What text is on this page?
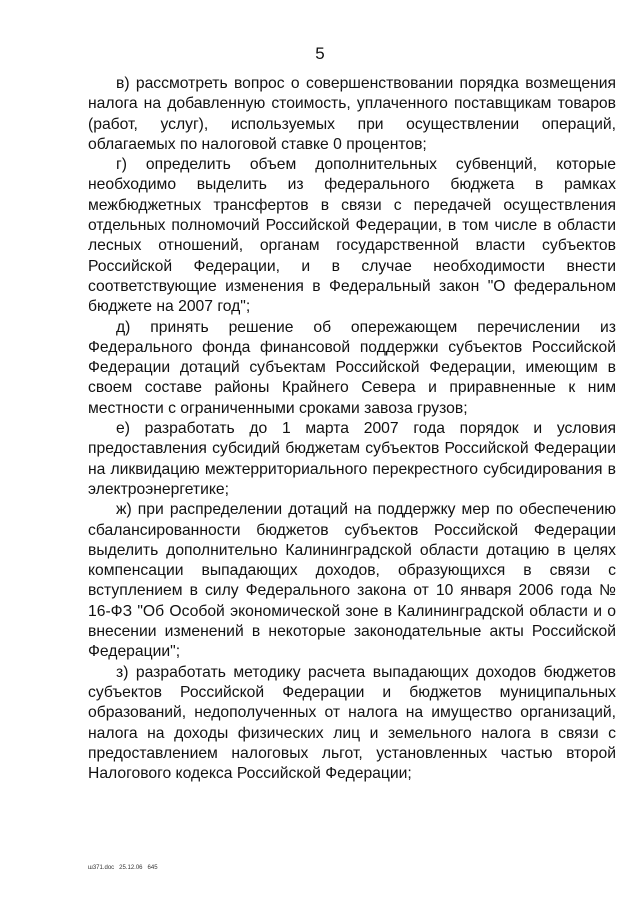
5

в) рассмотреть вопрос о совершенствовании порядка возмещения налога на добавленную стоимость, уплаченного поставщикам товаров (работ, услуг), используемых при осуществлении операций, облагаемых по налоговой ставке 0 процентов;

г) определить объем дополнительных субвенций, которые необходимо выделить из федерального бюджета в рамках межбюджетных трансфертов в связи с передачей осуществления отдельных полномочий Российской Федерации, в том числе в области лесных отношений, органам государственной власти субъектов Российской Федерации, и в случае необходимости внести соответствующие изменения в Федеральный закон "О федеральном бюджете на 2007 год";

д) принять решение об опережающем перечислении из Федерального фонда финансовой поддержки субъектов Российской Федерации дотаций субъектам Российской Федерации, имеющим в своем составе районы Крайнего Севера и приравненные к ним местности с ограниченными сроками завоза грузов;

е) разработать до 1 марта 2007 года порядок и условия предоставления субсидий бюджетам субъектов Российской Федерации на ликвидацию межтерриториального перекрестного субсидирования в электроэнергетике;

ж) при распределении дотаций на поддержку мер по обеспечению сбалансированности бюджетов субъектов Российской Федерации выделить дополнительно Калининградской области дотацию в целях компенсации выпадающих доходов, образующихся в связи с вступлением в силу Федерального закона от 10 января 2006 года № 16-ФЗ "Об Особой экономической зоне в Калининградской области и о внесении изменений в некоторые законодательные акты Российской Федерации";

з) разработать методику расчета выпадающих доходов бюджетов субъектов Российской Федерации и бюджетов муниципальных образований, недополученных от налога на имущество организаций, налога на доходы физических лиц и земельного налога в связи с предоставлением налоговых льгот, установленных частью второй Налогового кодекса Российской Федерации;

ш371.doc   25.12.06   645
